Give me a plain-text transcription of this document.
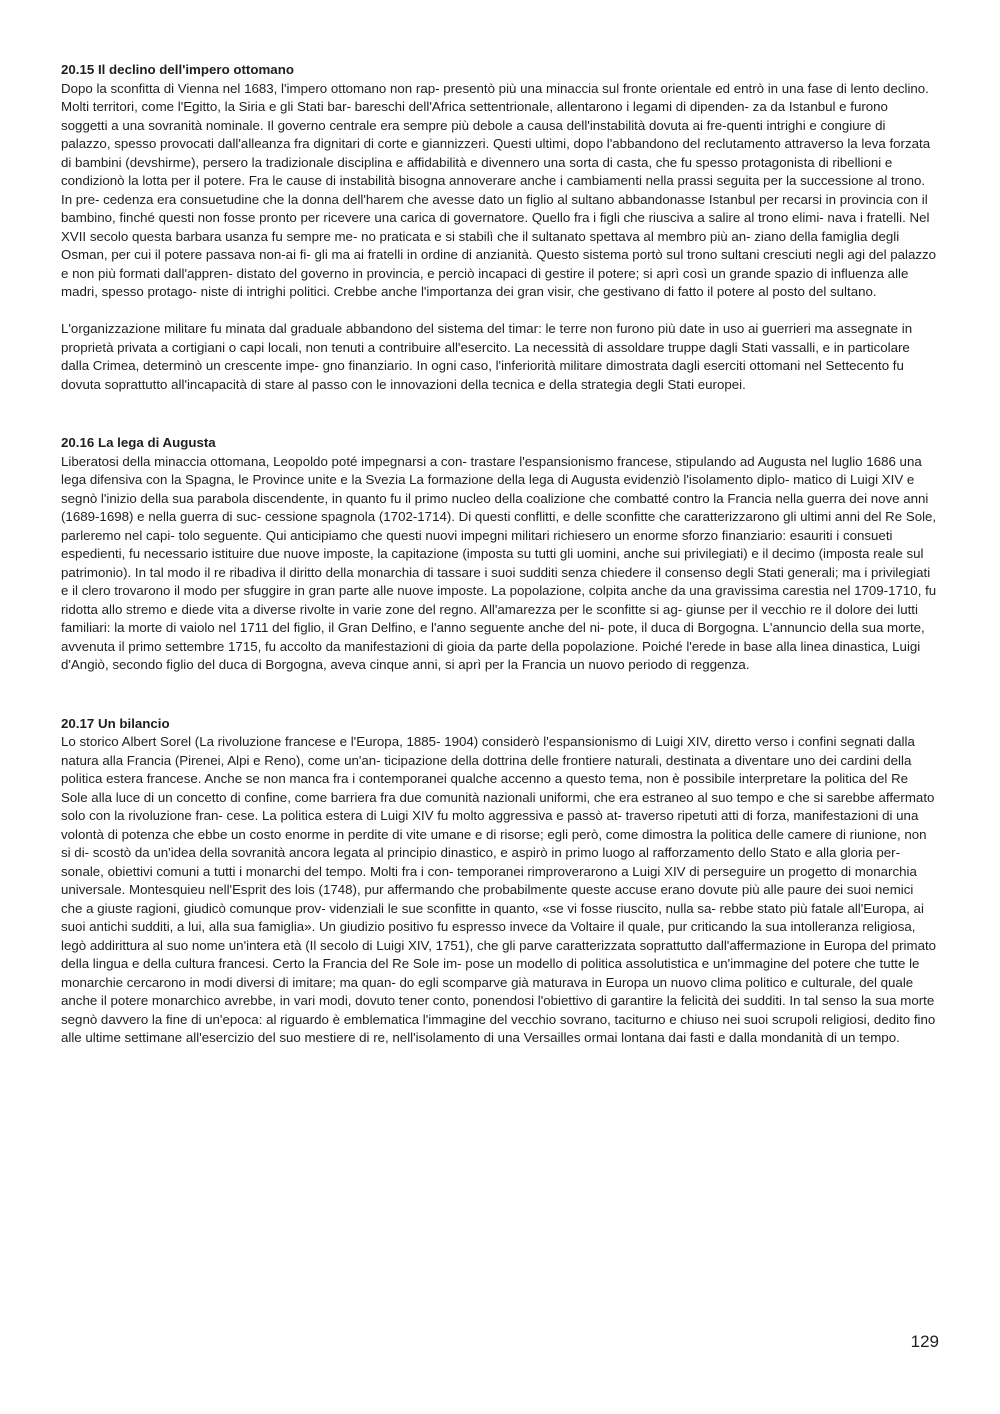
20.15 Il declino dell'impero ottomano

Dopo la sconfitta di Vienna nel 1683, l'impero ottomano non rap- presentò più una minaccia sul fronte orientale ed entrò in una fase di lento declino. Molti territori, come l'Egitto, la Siria e gli Stati bar- bareschi dell'Africa settentrionale, allentarono i legami di dipenden- za da Istanbul e furono soggetti a una sovranità nominale. Il governo centrale era sempre più debole a causa dell'instabilità dovuta ai fre-quenti intrighi e congiure di palazzo, spesso provocati dall'alleanza fra dignitari di corte e giannizzeri. Questi ultimi, dopo l'abbandono del reclutamento attraverso la leva forzata di bambini (devshirme), persero la tradizionale disciplina e affidabilità e divennero una sorta di casta, che fu spesso protagonista di ribellioni e condizionò la lotta per il potere. Fra le cause di instabilità bisogna annoverare anche i cambiamenti nella prassi seguita per la successione al trono. In pre- cedenza era consuetudine che la donna dell'harem che avesse dato un figlio al sultano abbandonasse Istanbul per recarsi in provincia con il bambino, finché questi non fosse pronto per ricevere una carica di governatore. Quello fra i figli che riusciva a salire al trono elimi- nava i fratelli. Nel XVII secolo questa barbara usanza fu sempre me- no praticata e si stabilì che il sultanato spettava al membro più an- ziano della famiglia degli Osman, per cui il potere passava non-ai fi- gli ma ai fratelli in ordine di anzianità. Questo sistema portò sul trono sultani cresciuti negli agi del palazzo e non più formati dall'appren- distato del governo in provincia, e perciò incapaci di gestire il potere; si aprì così un grande spazio di influenza alle madri, spesso protago- niste di intrighi politici. Crebbe anche l'importanza dei gran visir, che gestivano di fatto il potere al posto del sultano.

L'organizzazione militare fu minata dal graduale abbandono del sistema del timar: le terre non furono più date in uso ai guerrieri ma assegnate in proprietà privata a cortigiani o capi locali, non tenuti a contribuire all'esercito. La necessità di assoldare truppe dagli Stati vassalli, e in particolare dalla Crimea, determinò un crescente impe- gno finanziario. In ogni caso, l'inferiorità militare dimostrata dagli eserciti ottomani nel Settecento fu dovuta soprattutto all'incapacità di stare al passo con le innovazioni della tecnica e della strategia degli Stati europei.

20.16 La lega di Augusta

Liberatosi della minaccia ottomana, Leopoldo poté impegnarsi a con- trastare l'espansionismo francese, stipulando ad Augusta nel luglio 1686 una lega difensiva con la Spagna, le Province unite e la Svezia La formazione della lega di Augusta evidenziò l'isolamento diplo- matico di Luigi XIV e segnò l'inizio della sua parabola discendente, in quanto fu il primo nucleo della coalizione che combatté contro la Francia nella guerra dei nove anni (1689-1698) e nella guerra di suc- cessione spagnola (1702-1714). Di questi conflitti, e delle sconfitte che caratterizzarono gli ultimi anni del Re Sole, parleremo nel capi- tolo seguente. Qui anticipiamo che questi nuovi impegni militari richiesero un enorme sforzo finanziario: esauriti i consueti espedienti, fu necessario istituire due nuove imposte, la capitazione (imposta su tutti gli uomini, anche sui privilegiati) e il decimo (imposta reale sul patrimonio). In tal modo il re ribadiva il diritto della monarchia di tassare i suoi sudditi senza chiedere il consenso degli Stati generali; ma i privilegiati e il clero trovarono il modo per sfuggire in gran parte alle nuove imposte. La popolazione, colpita anche da una gravissima carestia nel 1709-1710, fu ridotta allo stremo e diede vita a diverse rivolte in varie zone del regno. All'amarezza per le sconfitte si ag- giunse per il vecchio re il dolore dei lutti familiari: la morte di vaiolo nel 1711 del figlio, il Gran Delfino, e l'anno seguente anche del ni- pote, il duca di Borgogna. L'annuncio della sua morte, avvenuta il primo settembre 1715, fu accolto da manifestazioni di gioia da parte della popolazione. Poiché l'erede in base alla linea dinastica, Luigi d'Angiò, secondo figlio del duca di Borgogna, aveva cinque anni, si aprì per la Francia un nuovo periodo di reggenza.

20.17 Un bilancio

Lo storico Albert Sorel (La rivoluzione francese e l'Europa, 1885- 1904) considerò l'espansionismo di Luigi XIV, diretto verso i confini segnati dalla natura alla Francia (Pirenei, Alpi e Reno), come un'an- ticipazione della dottrina delle frontiere naturali, destinata a diventare uno dei cardini della politica estera francese. Anche se non manca fra i contemporanei qualche accenno a questo tema, non è possibile interpretare la politica del Re Sole alla luce di un concetto di confine, come barriera fra due comunità nazionali uniformi, che era estraneo al suo tempo e che si sarebbe affermato solo con la rivoluzione fran- cese. La politica estera di Luigi XIV fu molto aggressiva e passò at- traverso ripetuti atti di forza, manifestazioni di una volontà di potenza che ebbe un costo enorme in perdite di vite umane e di risorse; egli però, come dimostra la politica delle camere di riunione, non si di- scostò da un'idea della sovranità ancora legata al principio dinastico, e aspirò in primo luogo al rafforzamento dello Stato e alla gloria per- sonale, obiettivi comuni a tutti i monarchi del tempo. Molti fra i con- temporanei rimproverarono a Luigi XIV di perseguire un progetto di monarchia universale. Montesquieu nell'Esprit des lois (1748), pur affermando che probabilmente queste accuse erano dovute più alle paure dei suoi nemici che a giuste ragioni, giudicò comunque prov- videnziali le sue sconfitte in quanto, «se vi fosse riuscito, nulla sa- rebbe stato più fatale all'Europa, ai suoi antichi sudditi, a lui, alla sua famiglia». Un giudizio positivo fu espresso invece da Voltaire il quale, pur criticando la sua intolleranza religiosa, legò addirittura al suo nome un'intera età (Il secolo di Luigi XIV, 1751), che gli parve caratterizzata soprattutto dall'affermazione in Europa del primato della lingua e della cultura francesi. Certo la Francia del Re Sole im- pose un modello di politica assolutistica e un'immagine del potere che tutte le monarchie cercarono in modi diversi di imitare; ma quan- do egli scomparve già maturava in Europa un nuovo clima politico e culturale, del quale anche il potere monarchico avrebbe, in vari modi, dovuto tener conto, ponendosi l'obiettivo di garantire la felicità dei sudditi. In tal senso la sua morte segnò davvero la fine di un'epoca: al riguardo è emblematica l'immagine del vecchio sovrano, taciturno e chiuso nei suoi scrupoli religiosi, dedito fino alle ultime settimane all'esercizio del suo mestiere di re, nell'isolamento di una Versailles ormai lontana dai fasti e dalla mondanità di un tempo.

129
